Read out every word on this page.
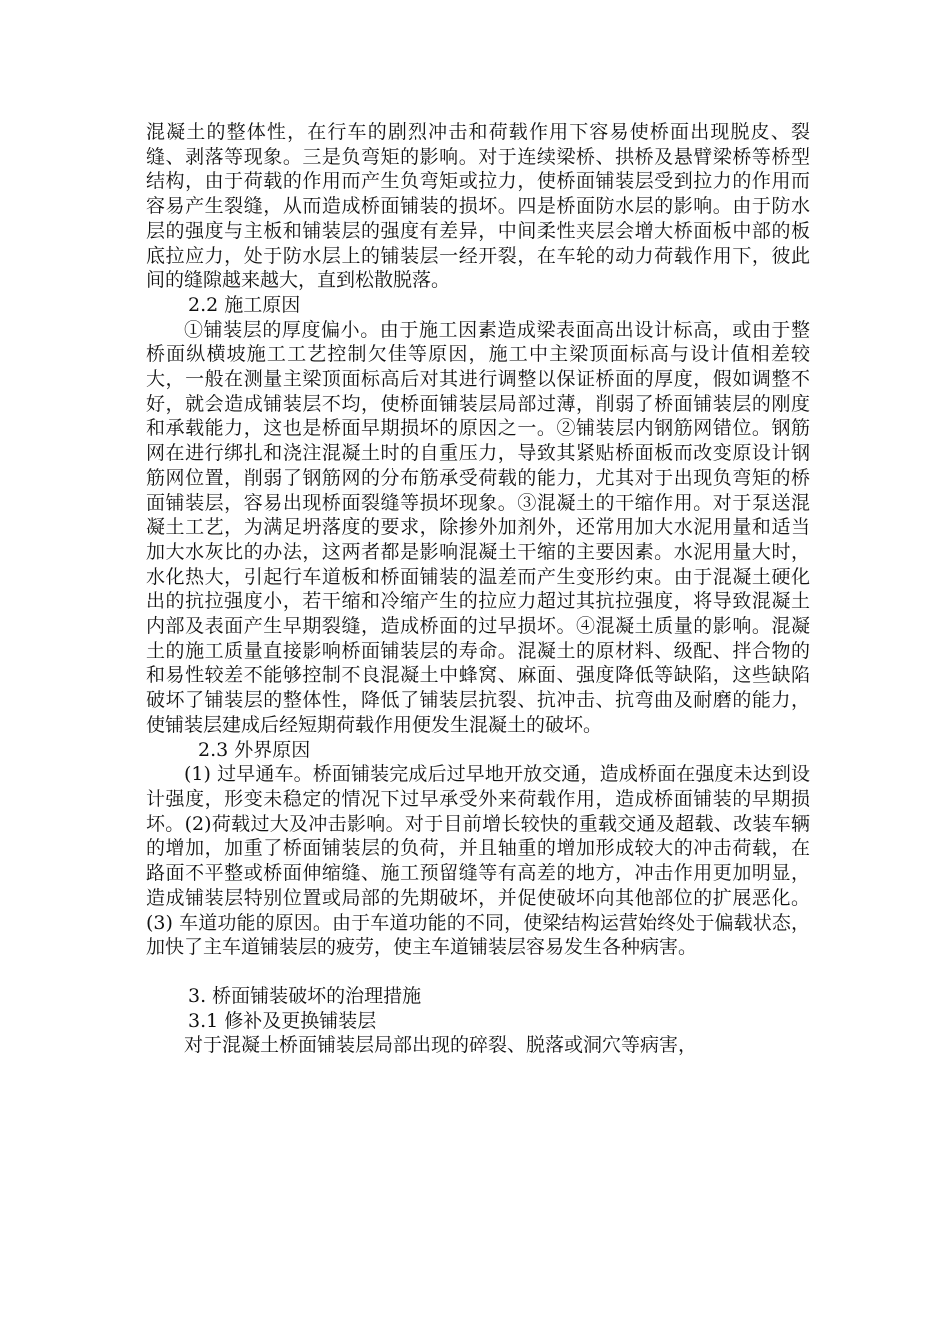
混凝土的整体性，在行车的剧烈冲击和荷载作用下容易使桥面出现脱皮、裂缝、剥落等现象。三是负弯矩的影响。对于连续梁桥、拱桥及悬臂梁桥等桥型结构，由于荷载的作用而产生负弯矩或拉力，使桥面铺装层受到拉力的作用而容易产生裂缝，从而造成桥面铺装的损坏。四是桥面防水层的影响。由于防水层的强度与主板和铺装层的强度有差异，中间柔性夹层会增大桥面板中部的板底拉应力，处于防水层上的铺装层一经开裂，在车轮的动力荷载作用下，彼此间的缝隙越来越大，直到松散脱落。

2.2 施工原因

①铺装层的厚度偏小。由于施工因素造成梁表面高出设计标高，或由于整桥面纵横坡施工工艺控制欠佳等原因，施工中主梁顶面标高与设计值相差较大，一般在测量主梁顶面标高后对其进行调整以保证桥面的厚度，假如调整不好，就会造成铺装层不均，使桥面铺装层局部过薄，削弱了桥面铺装层的刚度和承载能力，这也是桥面早期损坏的原因之一。②铺装层内钢筋网错位。钢筋网在进行绑扎和浇注混凝土时的自重压力，导致其紧贴桥面板而改变原设计钢筋网位置，削弱了钢筋网的分布筋承受荷载的能力，尤其对于出现负弯矩的桥面铺装层，容易出现桥面裂缝等损坏现象。③混凝土的干缩作用。对于泵送混凝土工艺，为满足坍落度的要求，除掺外加剂外，还常用加大水泥用量和适当加大水灰比的办法，这两者都是影响混凝土干缩的主要因素。水泥用量大时，水化热大，引起行车道板和桥面铺装的温差而产生变形约束。由于混凝土硬化出的抗拉强度小，若干缩和冷缩产生的拉应力超过其抗拉强度，将导致混凝土内部及表面产生早期裂缝，造成桥面的过早损坏。④混凝土质量的影响。混凝土的施工质量直接影响桥面铺装层的寿命。混凝土的原材料、级配、拌合物的和易性较差不能够控制不良混凝土中蜂窝、麻面、强度降低等缺陷，这些缺陷破坏了铺装层的整体性，降低了铺装层抗裂、抗冲击、抗弯曲及耐磨的能力，使铺装层建成后经短期荷载作用便发生混凝土的破坏。

2.3 外界原因

(1) 过早通车。桥面铺装完成后过早地开放交通，造成桥面在强度未达到设计强度，形变未稳定的情况下过早承受外来荷载作用，造成桥面铺装的早期损坏。(2)荷载过大及冲击影响。对于目前增长较快的重载交通及超载、改装车辆的增加，加重了桥面铺装层的负荷，并且轴重的增加形成较大的冲击荷载，在路面不平整或桥面伸缩缝、施工预留缝等有高差的地方，冲击作用更加明显，造成铺装层特别位置或局部的先期破坏，并促使破坏向其他部位的扩展恶化。(3) 车道功能的原因。由于车道功能的不同，使梁结构运营始终处于偏载状态，加快了主车道铺装层的疲劳，使主车道铺装层容易发生各种病害。

3. 桥面铺装破坏的治理措施

3.1 修补及更换铺装层

对于混凝土桥面铺装层局部出现的碎裂、脱落或洞穴等病害，
